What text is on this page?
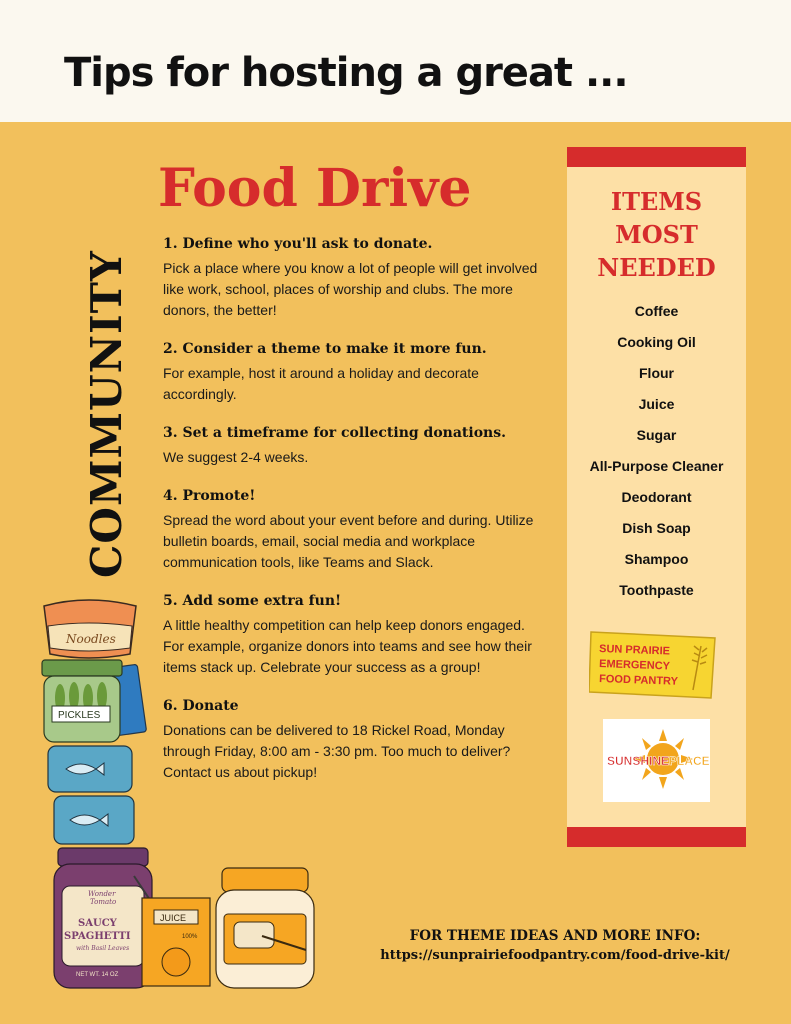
Tips for hosting a great ...
COMMUNITY
Food Drive
1. Define who you'll ask to donate.

Pick a place where you know a lot of people will get involved like work, school, places of worship and clubs. The more donors, the better!

2. Consider a theme to make it more fun.

For example, host it around a holiday and decorate accordingly.

3. Set a timeframe for collecting donations.

We suggest 2-4 weeks.

4. Promote!

Spread the word about your event before and during. Utilize bulletin boards, email, social media and workplace communication tools, like Teams and Slack.

5. Add some extra fun!

A little healthy competition can help keep donors engaged. For example, organize donors into teams and see how their items stack up. Celebrate your success as a group!

6. Donate

Donations can be delivered to 18 Rickel Road, Monday through Friday, 8:00 am - 3:30 pm. Too much to deliver? Contact us about pickup!

ITEMS
MOST
NEEDED
Coffee
Cooking Oil
Flour
Juice
Sugar
All-Purpose Cleaner
Deodorant
Dish Soap
Shampoo
Toothpaste
SUN PRAIRIE
EMERGENCY
FOOD PANTRY
SUNSHINEPLACE
Noodles
PICKLES
Wonder
Tomato
SAUCY
SPAGHETTI
with Basil Leaves
NET WT. 14 OZ
JUICE
100%	FOR THEME IDEAS AND MORE INFO:
https://sunprairiefoodpantry.com/food-drive-kit/
